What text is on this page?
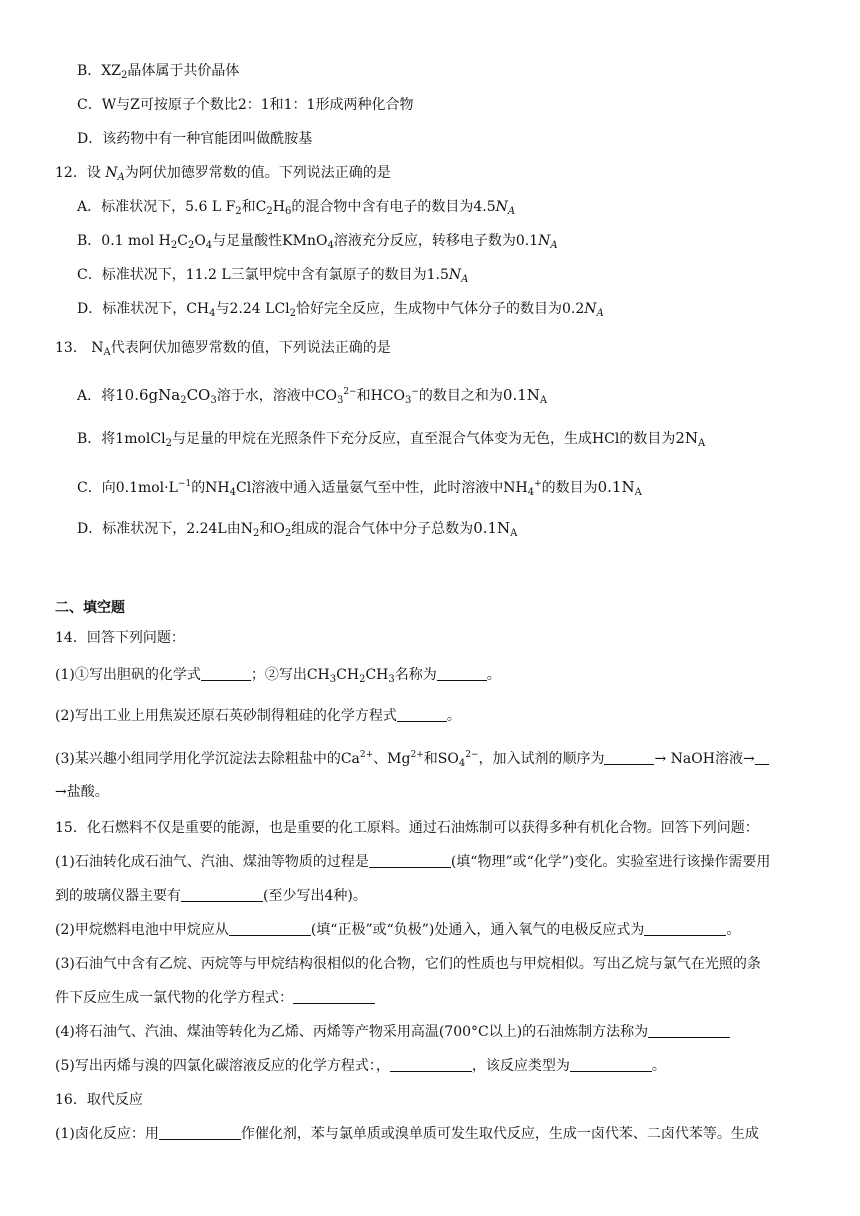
B．$XZ_2$晶体属于共价晶体
C．W与Z可按原子个数比2：1和1：1形成两种化合物
D．该药物中有一种官能团叫做酰胺基
12．设 $N_A$为阿伏加德罗常数的值。下列说法正确的是
A．标准状况下，5.6 L $F_2$和$C_2H_6$的混合物中含有电子的数目为$4.5N_A$
B．0.1 mol $H_2C_2O_4$与足量酸性KMnO$_4$溶液充分反应，转移电子数为$0.1N_A$
C．标准状况下，11.2 L三氯甲烷中含有氯原子的数目为$1.5N_A$
D．标准状况下，$CH_4$与2.24 LCl$_2$恰好完全反应，生成物中气体分子的数目为$0.2N_A$
13． $N_A$代表阿伏加德罗常数的值，下列说法正确的是
A．将$10.6gNa_2CO_3$溶于水，溶液中$CO_3^{2-}$和$HCO_3^-$的数目之和为$0.1N_A$
B．将1molCl$_2$与足量的甲烷在光照条件下充分反应，直至混合气体变为无色，生成HCl的数目为$2N_A$
C．向$0.1mol\cdot L^{-1}$的$NH_4Cl$溶液中通入适量氨气至中性，此时溶液中$NH_4^+$的数目为$0.1N_A$
D．标准状况下，2.24L由$N_2$和$O_2$组成的混合气体中分子总数为$0.1N_A$
二、填空题
14．回答下列问题：
(1)①写出胆矾的化学式	；②写出$CH_3CH_2CH_3$名称为	。
(2)写出工业上用焦炭还原石英砂制得粗硅的化学方程式	。
(3)某兴趣小组同学用化学沉淀法去除粗盐中的$Ca^{2+}$、$Mg^{2+}$和$SO_4^{2-}$，加入试剂的顺序为	→ NaOH溶液→
→盐酸。
15．化石燃料不仅是重要的能源，也是重要的化工原料。通过石油炼制可以获得多种有机化合物。回答下列问题：
(1)石油转化成石油气、汽油、煤油等物质的过程是	(填“物理”或“化学”)变化。实验室进行该操作需要用
到的玻璃仪器主要有	(至少写出4种)。
(2)甲烷燃料电池中甲烷应从	(填“正极”或“负极”)处通入，通入氧气的电极反应式为	。
(3)石油气中含有乙烷、丙烷等与甲烷结构很相似的化合物，它们的性质也与甲烷相似。写出乙烷与氯气在光照的条
件下反应生成一氯代物的化学方程式：
(4)将石油气、汽油、煤油等转化为乙烯、丙烯等产物采用高温(700°C以上)的石油炼制方法称为
(5)写出丙烯与溴的四氯化碳溶液反应的化学方程式：，	，该反应类型为	。
16．取代反应
(1)卤化反应：用	作催化剂，苯与氯单质或溴单质可发生取代反应，生成一卤代苯、二卤代苯等。生成
